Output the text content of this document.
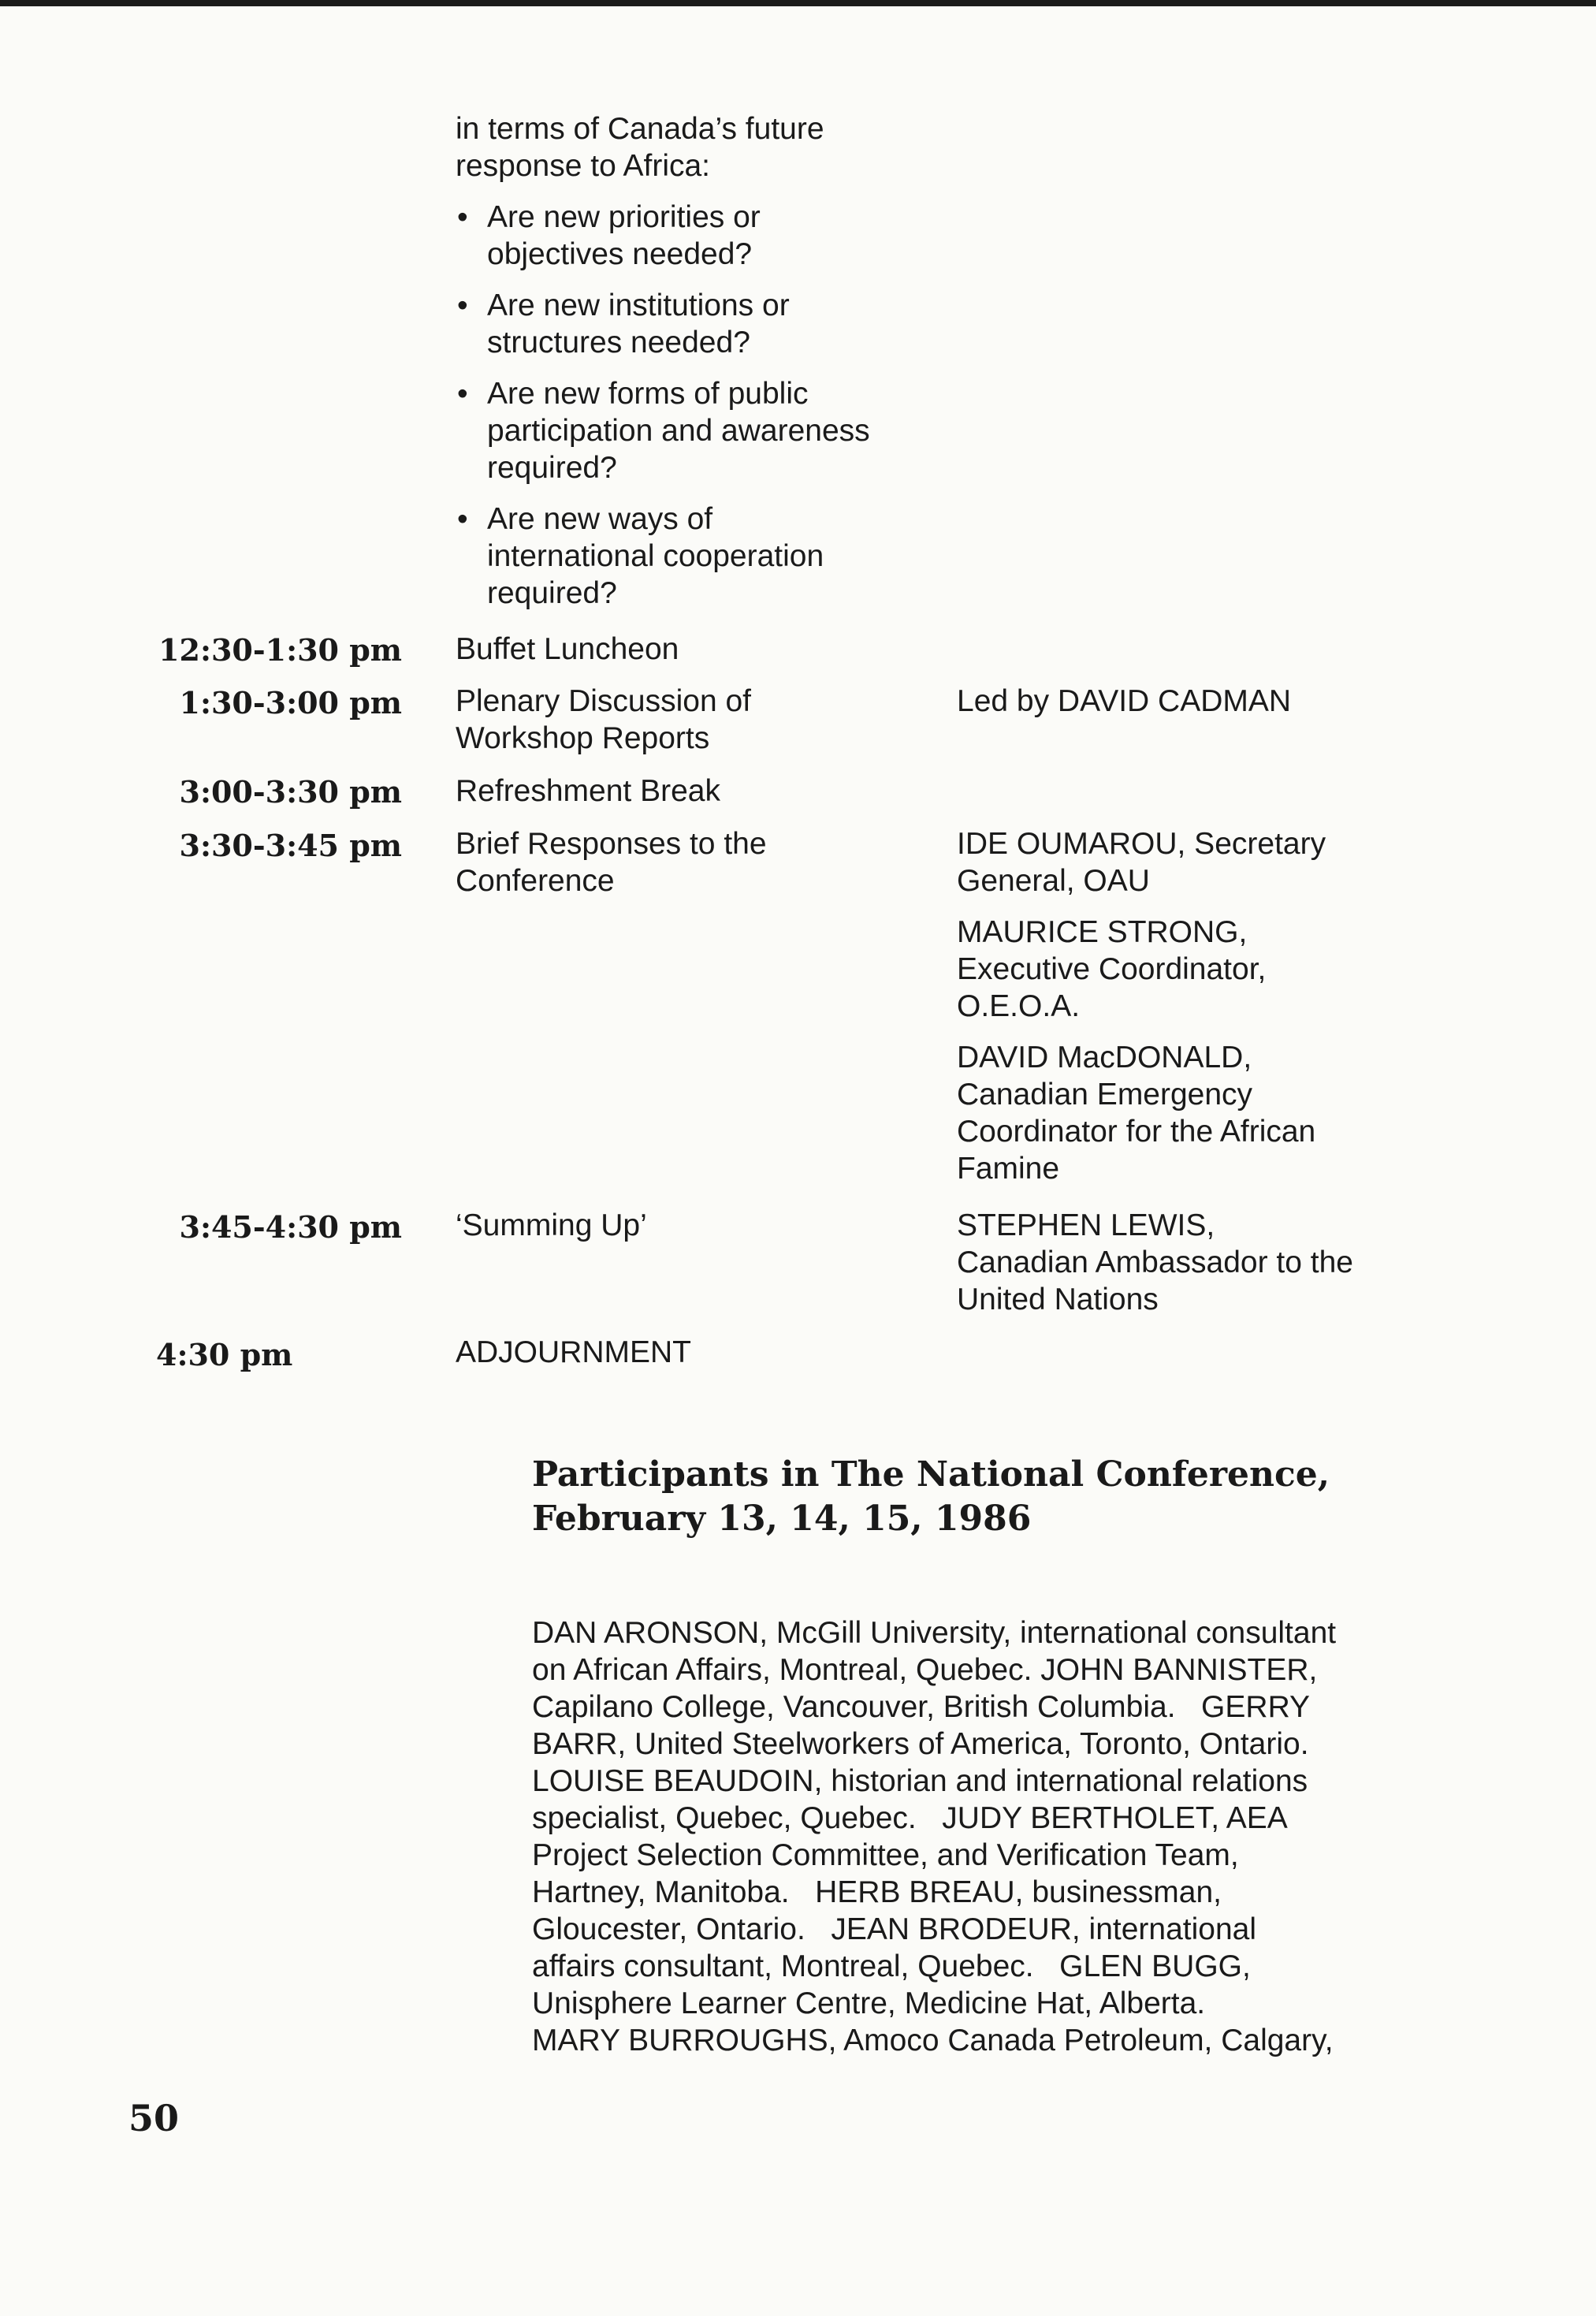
in terms of Canada’s future
response to Africa:
• Are new priorities or
objectives needed?
• Are new institutions or
structures needed?
• Are new forms of public
participation and awareness
required?
• Are new ways of
international cooperation
required?
12:30-1:30 pm Buffet Luncheon
1:30-3:00 pm Plenary Discussion of
Workshop Reports
Led by DAVID CADMAN
3:00-3:30 pm Refreshment Break
3:30-3:45 pm Brief Responses to the
Conference
IDE OUMAROU, Secretary
General, OAU
MAURICE STRONG,
Executive Coordinator,
O.E.O.A.
DAVID MacDONALD,
Canadian Emergency
Coordinator for the African
Famine
3:45-4:30 pm ‘Summing Up’	STEPHEN LEWIS,
Canadian Ambassador to the
United Nations
4:30 pm	ADJOURNMENT
Participants in The National Conference,
February 13, 14, 15, 1986
DAN ARONSON, McGill University, international consultant
on African Affairs, Montreal, Quebec. JOHN BANNISTER,
Capilano College, Vancouver, British Columbia.   GERRY
BARR, United Steelworkers of America, Toronto, Ontario.
LOUISE BEAUDOIN, historian and international relations
specialist, Quebec, Quebec.   JUDY BERTHOLET, AEA
Project Selection Committee, and Verification Team,
Hartney, Manitoba.   HERB BREAU, businessman,
Gloucester, Ontario.   JEAN BRODEUR, international
affairs consultant, Montreal, Quebec.   GLEN BUGG,
Unisphere Learner Centre, Medicine Hat, Alberta.
MARY BURROUGHS, Amoco Canada Petroleum, Calgary,
50
